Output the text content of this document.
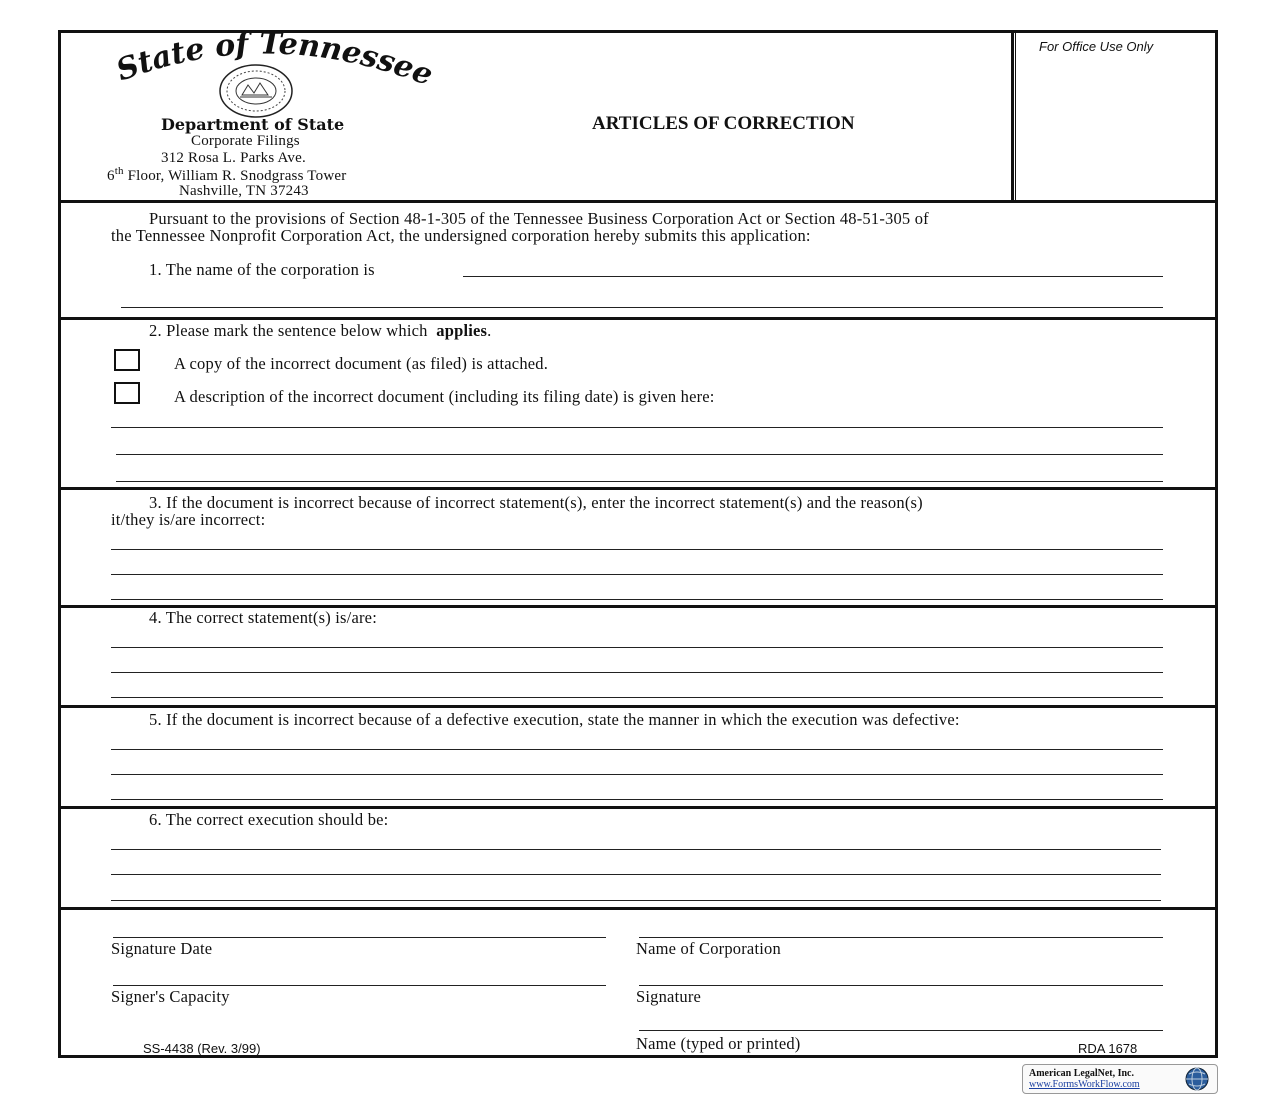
State of Tennessee
Department of State
Corporate Filings
312 Rosa L. Parks Ave.
6th Floor, William R. Snodgrass Tower
Nashville, TN 37243
ARTICLES OF CORRECTION
For Office Use Only
Pursuant to the provisions of Section 48-1-305 of the Tennessee Business Corporation Act or Section 48-51-305 of
the Tennessee Nonprofit Corporation Act, the undersigned corporation hereby submits this application:
1. The name of the corporation is
2. Please mark the sentence below which applies.
A copy of the incorrect document (as filed) is attached.
A description of the incorrect document (including its filing date) is given here:
3. If the document is incorrect because of incorrect statement(s), enter the incorrect statement(s) and the reason(s)
it/they is/are incorrect:
4. The correct statement(s) is/are:
5. If the document is incorrect because of a defective execution, state the manner in which the execution was defective:
6. The correct execution should be:
Signature Date	Name of Corporation
Signer's Capacity	Signature
Name (typed or printed)
SS-4438 (Rev. 3/99)	RDA 1678
American LegalNet, Inc.
www.FormsWorkFlow.com
